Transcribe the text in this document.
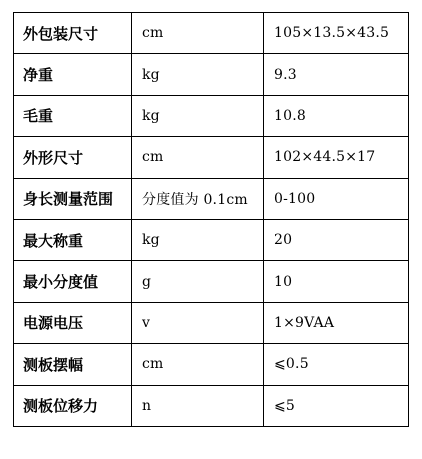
外包装尺寸	cm	105×13.5×43.5
净重	kg	9.3
毛重	kg	10.8
外形尺寸	cm	102×44.5×17
身长测量范围	分度值为 0.1cm	0-100
最大称重	kg	20
最小分度值	g	10
电源电压	v	1×9VAA
测板摆幅	cm	⩽0.5
测板位移力	n	⩽5
